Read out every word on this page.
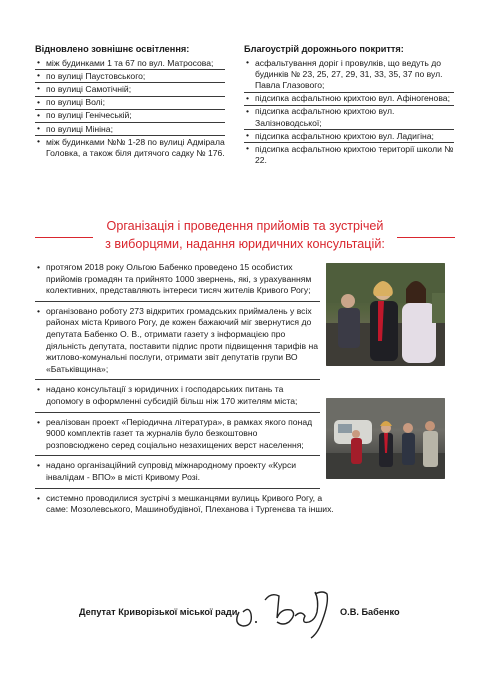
Відновлено зовнішнє освітлення:
• між будинками 1 та 67 по вул. Матросова;
• по вулиці Паустовського;
• по вулиці Самотічній;
• по вулиці Волі;
• по вулиці Генічеській;
• по вулиці Мініна;
• між будинками №№ 1-28 по вулиці Адмірала Головка, а також біля дитячого садку № 176.
Благоустрій дорожнього покриття:
• асфальтування доріг і провулків, що ведуть до будинків № 23, 25, 27, 29, 31, 33, 35, 37 по вул. Павла Глазового;
• підсипка асфальтною крихтою вул. Афіногенова;
• підсипка асфальтною крихтою вул. Залізноводської;
• підсипка асфальтною крихтою вул. Ладигіна;
• підсипка асфальтною крихтою території школи № 22.
Організація і проведення прийомів та зустрічей
з виборцями, надання юридичних консультацій:
• протягом 2018 року Ольгою Бабенко проведено 15 особистих прийомів громадян та прийнято 1000 звернень, які, з урахуванням колективних, представляють інтереси тисяч жителів Кривого Рогу;
• організовано роботу 273 відкритих громадських приймалень у всіх районах міста Кривого Рогу, де кожен бажаючий міг звернутися до депутата Бабенко О. В., отримати газету з інформацією про діяльність депутата, поставити підпис проти підвищення тарифів на житлово-комунальні послуги, отримати звіт депутатів групи ВО «Батьківщина»;
• надано консультації з юридичних і господарських питань та допомогу в оформленні субсидій більш ніж 170 жителям міста;
• реалізован проект «Періодична література», в рамках якого понад 9000 комплектів газет та журналів було безкоштовно розповсюджено серед соціально незахищених верст населення;
• надано організаційний супровід міжнародному проекту «Курси інвалідам - ВПО» в місті Кривому Розі.
• системно проводилися зустрічі з мешканцями вулиць Кривого Рогу, а саме: Мозолевського, Машинобудівної, Плеханова і Тургенєва та інших.
Депутат Криворізької міської ради	О.В. Бабенко
